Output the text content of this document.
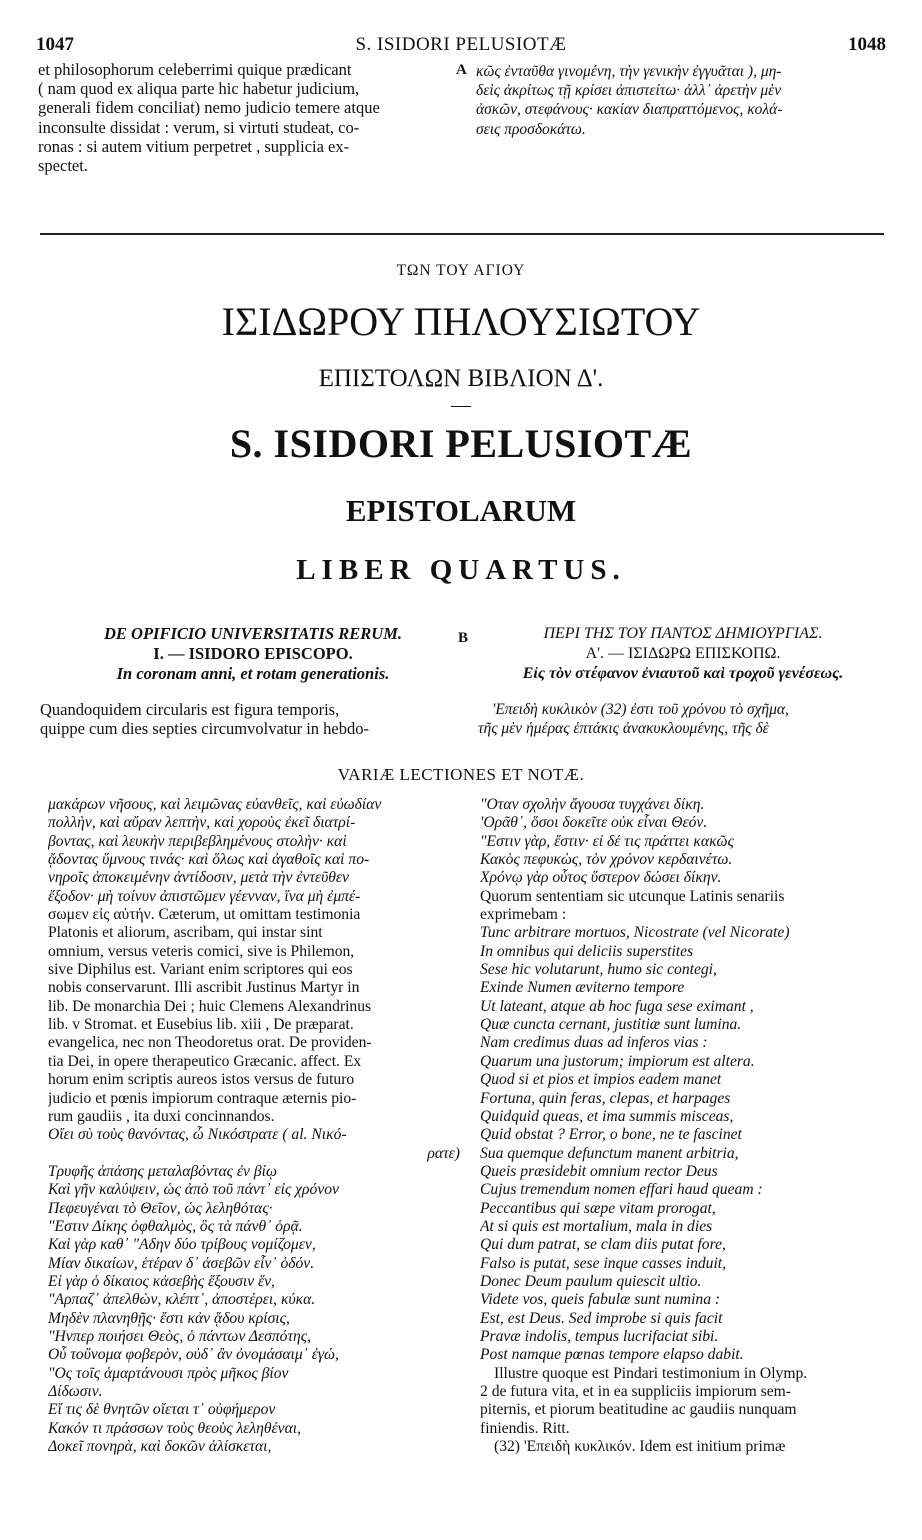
1047	S. ISIDORI PELUSIOTÆ	1048
et philosophorum celeberrimi quique prædicant
( nam quod ex aliqua parte hic habetur judicium,
generali fidem conciliat) nemo judicio temere atque
inconsulte dissidat : verum, si virtuti studeat, co-
ronas : si autem vitium perpetret , supplicia ex-
spectet.
A κῶς ἐνταῦθα γινομένη, τὴν γενικὴν ἐγγυᾶται ), μη-
δεὶς ἀκρίτως τῇ κρίσει ἀπιστείτω· ἀλλ᾽ ἀρετὴν μὲν
ἀσκῶν, στεφάνους· κακίαν διαπραττόμενος, κολά-
σεις προσδοκάτω.
ΤΩΝ ΤΟΥ ΑΓΙΟΥ
ΙΣΙΔΩΡΟΥ ΠΗΛΟΥΣΙΩΤΟΥ
ΕΠΙΣΤΟΛΩΝ ΒΙΒΛΙΟΝ Δ'.
—
S. ISIDORI PELUSIOTÆ
EPISTOLARUM
LIBER QUARTUS.
DE OPIFICIO UNIVERSITATIS RERUM.
I. — ISIDORO EPISCOPO.
In coronam anni, et rotam generationis.
Quandoquidem circularis est figura temporis,
quippe cum dies septies circumvolvatur in hebdo-
B	ΠΕΡΙ ΤΗΣ ΤΟΥ ΠΑΝΤΟΣ ΔΗΜΙΟΥΡΓΙΑΣ.
Α'. — ΙΣΙΔΩΡΩ ΕΠΙΣΚΟΠΩ.
Εἰς τὸν στέφανον ἐνιαυτοῦ καὶ τροχοῦ γενέσεως.
'Επειδὴ κυκλικὸν (32) ἐστι τοῦ χρόνου τὸ σχῆμα,
τῆς μὲν ἡμέρας ἑπτάκις ἀνακυκλουμένης, τῆς δὲ
VARIÆ LECTIONES ET NOTÆ.
μακάρων νῆσους, καὶ λειμῶνας εὐανθεῖς, καὶ εὐωδίαν
πολλὴν, καὶ αὔραν λεπτὴν, καὶ χοροὺς ἐκεῖ διατρί-
βοντας, καὶ λευκὴν περιβεβλημένους στολὴν· καὶ
ᾄδοντας ὕμνους τινάς· καὶ ὅλως καὶ ἀγαθοῖς καὶ πο-
νηροῖς ἀποκειμένην ἀντίδοσιν, μετὰ τὴν ἐντεῦθεν
ἔξοδον· μὴ τοίνυν ἀπιστῶμεν γέενναν, ἵνα μὴ ἐμπέ-
σωμεν εἰς αὐτήν. Cæterum, ut omittam testimonia
Platonis et aliorum, ascribam, qui instar sint
omnium, versus veteris comici, sive is Philemon,
sive Diphilus est. Variant enim scriptores qui eos
nobis conservarunt. Illi ascribit Justinus Martyr in
lib. De monarchia Dei ; huic Clemens Alexandrinus
lib. v Stromat. et Eusebius lib. xiii , De præparat.
evangelica, nec non Theodoretus orat. De providen-
tia Dei, in opere therapeutico Græcanic. affect. Ex
horum enim scriptis aureos istos versus de futuro
judicio et pœnis impiorum contraque æternis pio-
rum gaudiis , ita duxi concinnandos.
Οἴει σὺ τοὺς θανόντας, ὦ Νικόστρατε ( al. Νικό-
ρατε)
Τρυφῆς ἁπάσης μεταλαβόντας ἐν βίῳ
Καὶ γῆν καλύψειν, ὡς ἀπὸ τοῦ πάντ᾽ εἰς χρόνον
Πεφευγέναι τὸ Θεῖον, ὡς λεληθότας·
"Εστιν Δίκης ὀφθαλμὸς, ὃς τὰ πάνθ᾽ ὁρᾷ.
Καὶ γὰρ καθ᾽ "Αδην δύο τρίβους νομίζομεν,
Μίαν δικαίων, ἑτέραν δ᾽ ἀσεβῶν εἶν᾽ ὁδόν.
Εἰ γὰρ ὁ δίκαιος κἀσεβὴς ἕξουσιν ἕν,
"Αρπαζ᾽ ἀπελθὼν, κλέπτ᾽, ἀποστέρει, κύκα.
Μηδὲν πλανηθῇς· ἔστι κἀν ᾅδου κρίσις,
"Ηνπερ ποιήσει Θεὸς, ὁ πάντων Δεσπότης,
Οὗ τοὔνομα φοβερὸν, οὐδ᾽ ἂν ὀνομάσαιμ᾽ ἐγώ,
"Ος τοῖς ἁμαρτάνουσι πρὸς μῆκος βίον
Δίδωσιν.
Εἴ τις δὲ θνητῶν οἴεται τ᾽ οὐφήμερον
Κακόν τι πράσσων τοὺς θεοὺς λεληθέναι,
Δοκεῖ πονηρὰ, καὶ δοκῶν ἁλίσκεται,
"Οταν σχολὴν ἄγουσα τυγχάνει δίκη.
'Ορᾶθ᾽, ὅσοι δοκεῖτε οὐκ εἶναι Θεόν.
"Εστιν γὰρ, ἔστιν· εἰ δέ τις πράττει κακῶς
Κακὸς πεφυκὼς, τὸν χρόνον κερδαινέτω.
Χρόνῳ γὰρ οὗτος ὕστερον δώσει δίκην.
Quorum sententiam sic utcunque Latinis senariis
exprimebam :
Tunc arbitrare mortuos, Nicostrate (vel Nicorate)
In omnibus qui deliciis superstites
Sese hic volutarunt, humo sic contegi,
Exinde Numen æviterno tempore
Ut lateant, atque ab hoc fuga sese eximant ,
Quæ cuncta cernant, justitiæ sunt lumina.
Nam credimus duas ad inferos vias :
Quarum una justorum; impiorum est altera.
Quod si et pios et impios eadem manet
Fortuna, quin feras, clepas, et harpages
Quidquid queas, et ima summis misceas,
Quid obstat ? Error, o bone, ne te fascinet
Sua quemque defunctum manent arbitria,
Queis præsidebit omnium rector Deus
Cujus tremendum nomen effari haud queam :
Peccantibus qui sæpe vitam prorogat,
At si quis est mortalium, mala in dies
Qui dum patrat, se clam diis putat fore,
Falso is putat, sese inque casses induit,
Donec Deum paulum quiescit ultio.
Videte vos, queis fabulæ sunt numina :
Est, est Deus. Sed improbe si quis facit
Pravæ indolis, tempus lucrifaciat sibi.
Post namque pœnas tempore elapso dabit.
Illustre quoque est Pindari testimonium in Olymp.
2 de futura vita, et in ea suppliciis impiorum sem-
piternis, et piorum beatitudine ac gaudiis nunquam
finiendis. Ritt.
(32) 'Επειδὴ κυκλικόν. Idem est initium primæ
